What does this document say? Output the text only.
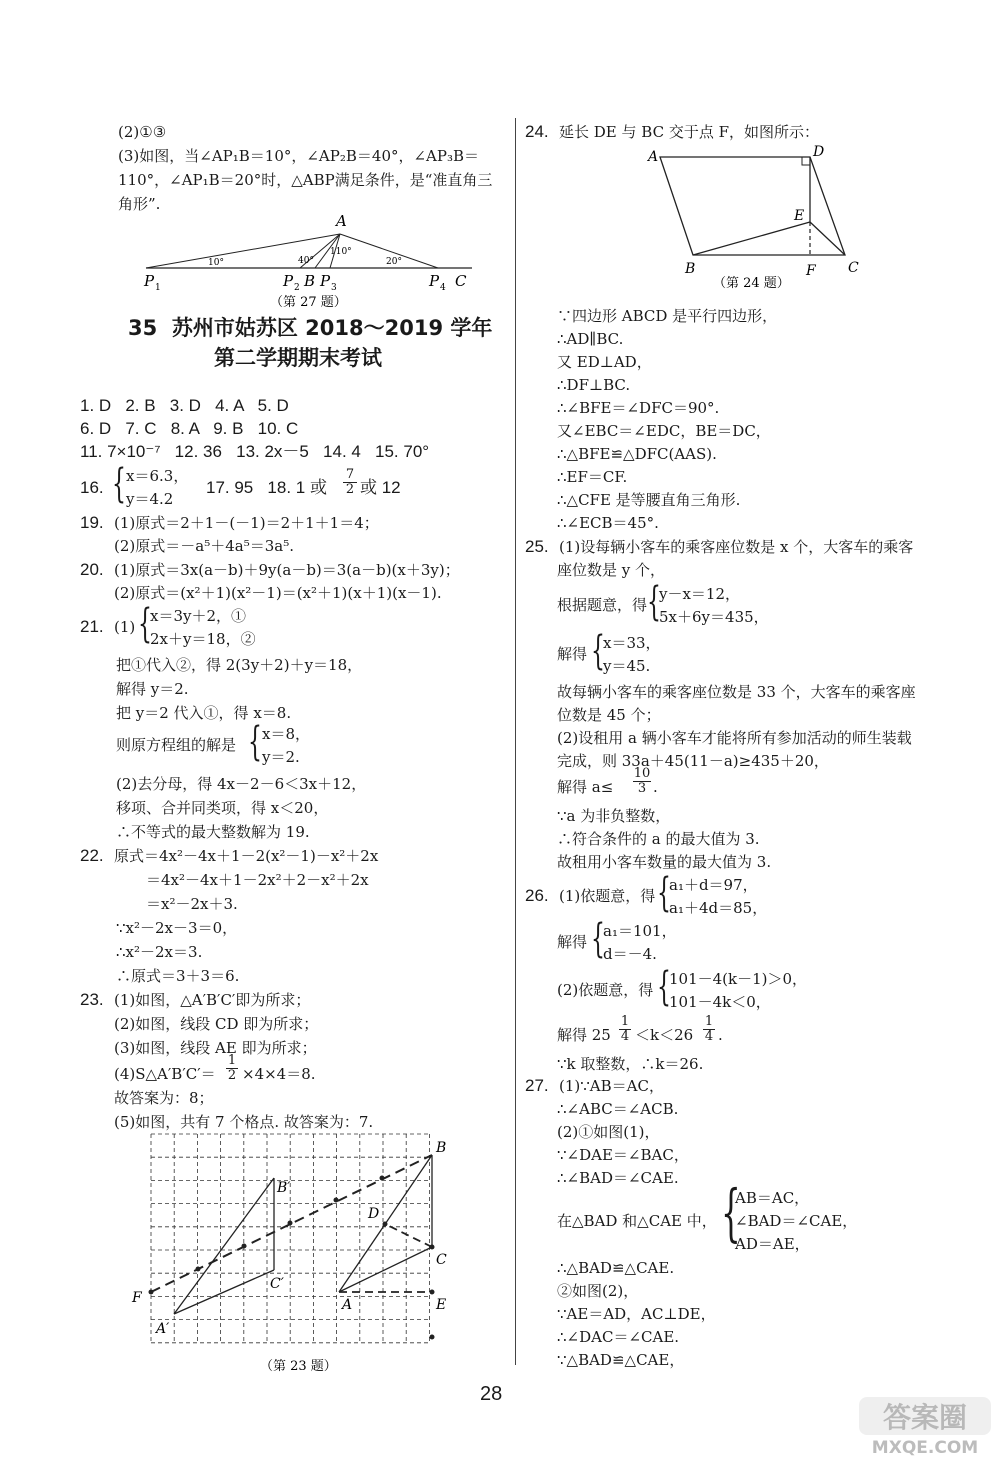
(2)①③
(3)如图，当∠AP₁B＝10°，∠AP₂B＝40°，∠AP₃B＝
110°，∠AP₁B＝20°时，△ABP满足条件，是“准直角三
角形”.
A
10°	40°
110°
20°
P 1	P 2 B P 3	P 4 C
（第 27 题）
35  苏州市姑苏区 2018～2019 学年
第二学期期末考试
1. D   2. B   3. D   4. A   5. D
6. D   7. C   8. A   9. B   10. C
11. 7×10⁻⁷   12. 36   13. 2x－5   14. 4   15. 70°
16. { x＝6.3，
y＝4.2
17. 95   18. 1 或 $\frac{7}{2}$ 或 12
19. (1)原式＝2＋1－(－1)＝2＋1＋1＝4；
(2)原式＝－a⁵＋4a⁵＝3a⁵.
20. (1)原式＝3x(a－b)＋9y(a－b)＝3(a－b)(x＋3y)；
(2)原式＝(x²＋1)(x²－1)＝(x²＋1)(x＋1)(x－1).
21. (1) {
x＝3y＋2，①
2x＋y＝18，②
把①代入②，得 2(3y＋2)＋y＝18，
解得 y＝2.
把 y＝2 代入①，得 x＝8.
则原方程组的解是 { x＝8，
y＝2.
(2)去分母，得 4x－2－6＜3x＋12，
移项、合并同类项，得 x＜20，
∴不等式的最大整数解为 19.
22. 原式＝4x²－4x＋1－2(x²－1)－x²＋2x
＝4x²－4x＋1－2x²＋2－x²＋2x
＝x²－2x＋3.
∵x²－2x－3＝0，
∴x²－2x＝3.
∴原式＝3＋3＝6.
23. (1)如图，△A′B′C′即为所求；
(2)如图，线段 CD 即为所求；
(3)如图，线段 AE 即为所求；
(4)S△A′B′C′＝ $\frac{1}{2} \times 4\times 4=8$.
故答案为：8；
(5)如图，共有 7 个格点. 故答案为：7.
B
B′
D
C
C′
F	A	E
A′
（第 23 题）
24. 延长 DE 与 BC 交于点 F，如图所示：
A	D
E
B	F C
（第 24 题）
∵四边形 ABCD 是平行四边形，
∴AD∥BC.
又 ED⊥AD，
∴DF⊥BC.
∴∠BFE＝∠DFC＝90°.
又∠EBC＝∠EDC，BE＝DC，
∴△BFE≌△DFC(AAS).
∴EF＝CF.
∴△CFE 是等腰直角三角形.
∴∠ECB＝45°.
25. (1)设每辆小客车的乘客座位数是 x 个，大客车的乘客
座位数是 y 个，
根据题意，得 {
y－x＝12，
5x＋6y＝435，
解得 {
x＝33，
y＝45.
故每辆小客车的乘客座位数是 33 个，大客车的乘客座
位数是 45 个；
(2)设租用 a 辆小客车才能将所有参加活动的师生装载
完成，则 33a＋45(11－a)≥435＋20，
解得 $a\le \frac{10}{3}$ .
∵a 为非负整数，
∴符合条件的 a 的最大值为 3.
故租用小客车数量的最大值为 3.
26. (1)依题意，得 {
a₁＋d＝97，
a₁＋4d＝85，
解得 {
a₁＝101，
d＝－4.
(2)依题意，得 {
101－4(k－1)＞0，
101－4k＜0，
解得 $25 \frac{1}{4} <k<26 \frac{1}{4}$ .
∵k 取整数，∴k＝26.
27. (1)∵AB＝AC，
∴∠ABC＝∠ACB.
(2)①如图(1)，
∵∠DAE＝∠BAC，
∴∠BAD＝∠CAE.
在△BAD 和△CAE 中， {
AB＝AC，
∠BAD＝∠CAE，
AD＝AE，
∴△BAD≌△CAE.
②如图(2)，
∵AE＝AD，AC⊥DE，
∴∠DAC＝∠CAE.
∵△BAD≌△CAE，
28
答案圈
MXQE.COM
